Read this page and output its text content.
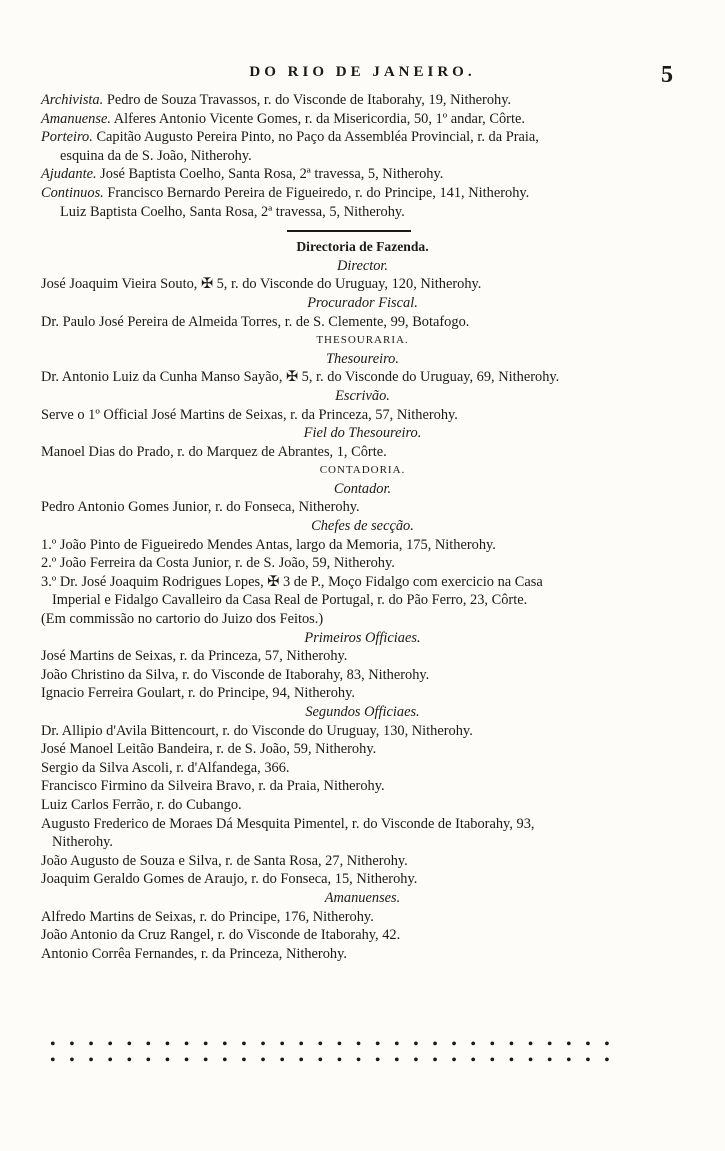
DO RIO DE JANEIRO.	5
Archivista. Pedro de Souza Travassos, r. do Visconde de Itaborahy, 19, Nitherohy.
Amanuense. Alferes Antonio Vicente Gomes, r. da Misericordia, 50, 1º andar, Côrte.
Porteiro. Capitão Augusto Pereira Pinto, no Paço da Assembléa Provincial, r. da Praia,
esquina da de S. João, Nitherohy.
Ajudante. José Baptista Coelho, Santa Rosa, 2ª travessa, 5, Nitherohy.
Continuos. Francisco Bernardo Pereira de Figueiredo, r. do Principe, 141, Nitherohy.
Luiz Baptista Coelho, Santa Rosa, 2ª travessa, 5, Nitherohy.
Directoria de Fazenda.
Director.
José Joaquim Vieira Souto, ✠ 5, r. do Visconde do Uruguay, 120, Nitherohy.
Procurador Fiscal.
Dr. Paulo José Pereira de Almeida Torres, r. de S. Clemente, 99, Botafogo.
THESOURARIA.
Thesoureiro.
Dr. Antonio Luiz da Cunha Manso Sayão, ✠ 5, r. do Visconde do Uruguay, 69, Nitherohy.
Escrivão.
Serve o 1º Official José Martins de Seixas, r. da Princeza, 57, Nitherohy.
Fiel do Thesoureiro.
Manoel Dias do Prado, r. do Marquez de Abrantes, 1, Côrte.
CONTADORIA.
Contador.
Pedro Antonio Gomes Junior, r. do Fonseca, Nitherohy.
Chefes de secção.
1.º João Pinto de Figueiredo Mendes Antas, largo da Memoria, 175, Nitherohy.
2.º João Ferreira da Costa Junior, r. de S. João, 59, Nitherohy.
3.º Dr. José Joaquim Rodrigues Lopes, ✠ 3 de P., Moço Fidalgo com exercicio na Casa
Imperial e Fidalgo Cavalleiro da Casa Real de Portugal, r. do Pão Ferro, 23, Côrte.
(Em commissão no cartorio do Juizo dos Feitos.)
Primeiros Officiaes.
José Martins de Seixas, r. da Princeza, 57, Nitherohy.
João Christino da Silva, r. do Visconde de Itaborahy, 83, Nitherohy.
Ignacio Ferreira Goulart, r. do Principe, 94, Nitherohy.
Segundos Officiaes.
Dr. Allipio d'Avila Bittencourt, r. do Visconde do Uruguay, 130, Nitherohy.
José Manoel Leitão Bandeira, r. de S. João, 59, Nitherohy.
Sergio da Silva Ascoli, r. d'Alfandega, 366.
Francisco Firmino da Silveira Bravo, r. da Praia, Nitherohy.
Luiz Carlos Ferrão, r. do Cubango.
Augusto Frederico de Moraes Dá Mesquita Pimentel, r. do Visconde de Itaborahy, 93,
Nitherohy.
João Augusto de Souza e Silva, r. de Santa Rosa, 27, Nitherohy.
Joaquim Geraldo Gomes de Araujo, r. do Fonseca, 15, Nitherohy.
Amanuenses.
Alfredo Martins de Seixas, r. do Principe, 176, Nitherohy.
João Antonio da Cruz Rangel, r. do Visconde de Itaborahy, 42.
Antonio Corrêa Fernandes, r. da Princeza, Nitherohy.
• • • • • • • • • • • • • • • • • • • • • • • • • • • • • •
• • • • • • • • • • • • • • • • • • • • • • • • • • • • • •
